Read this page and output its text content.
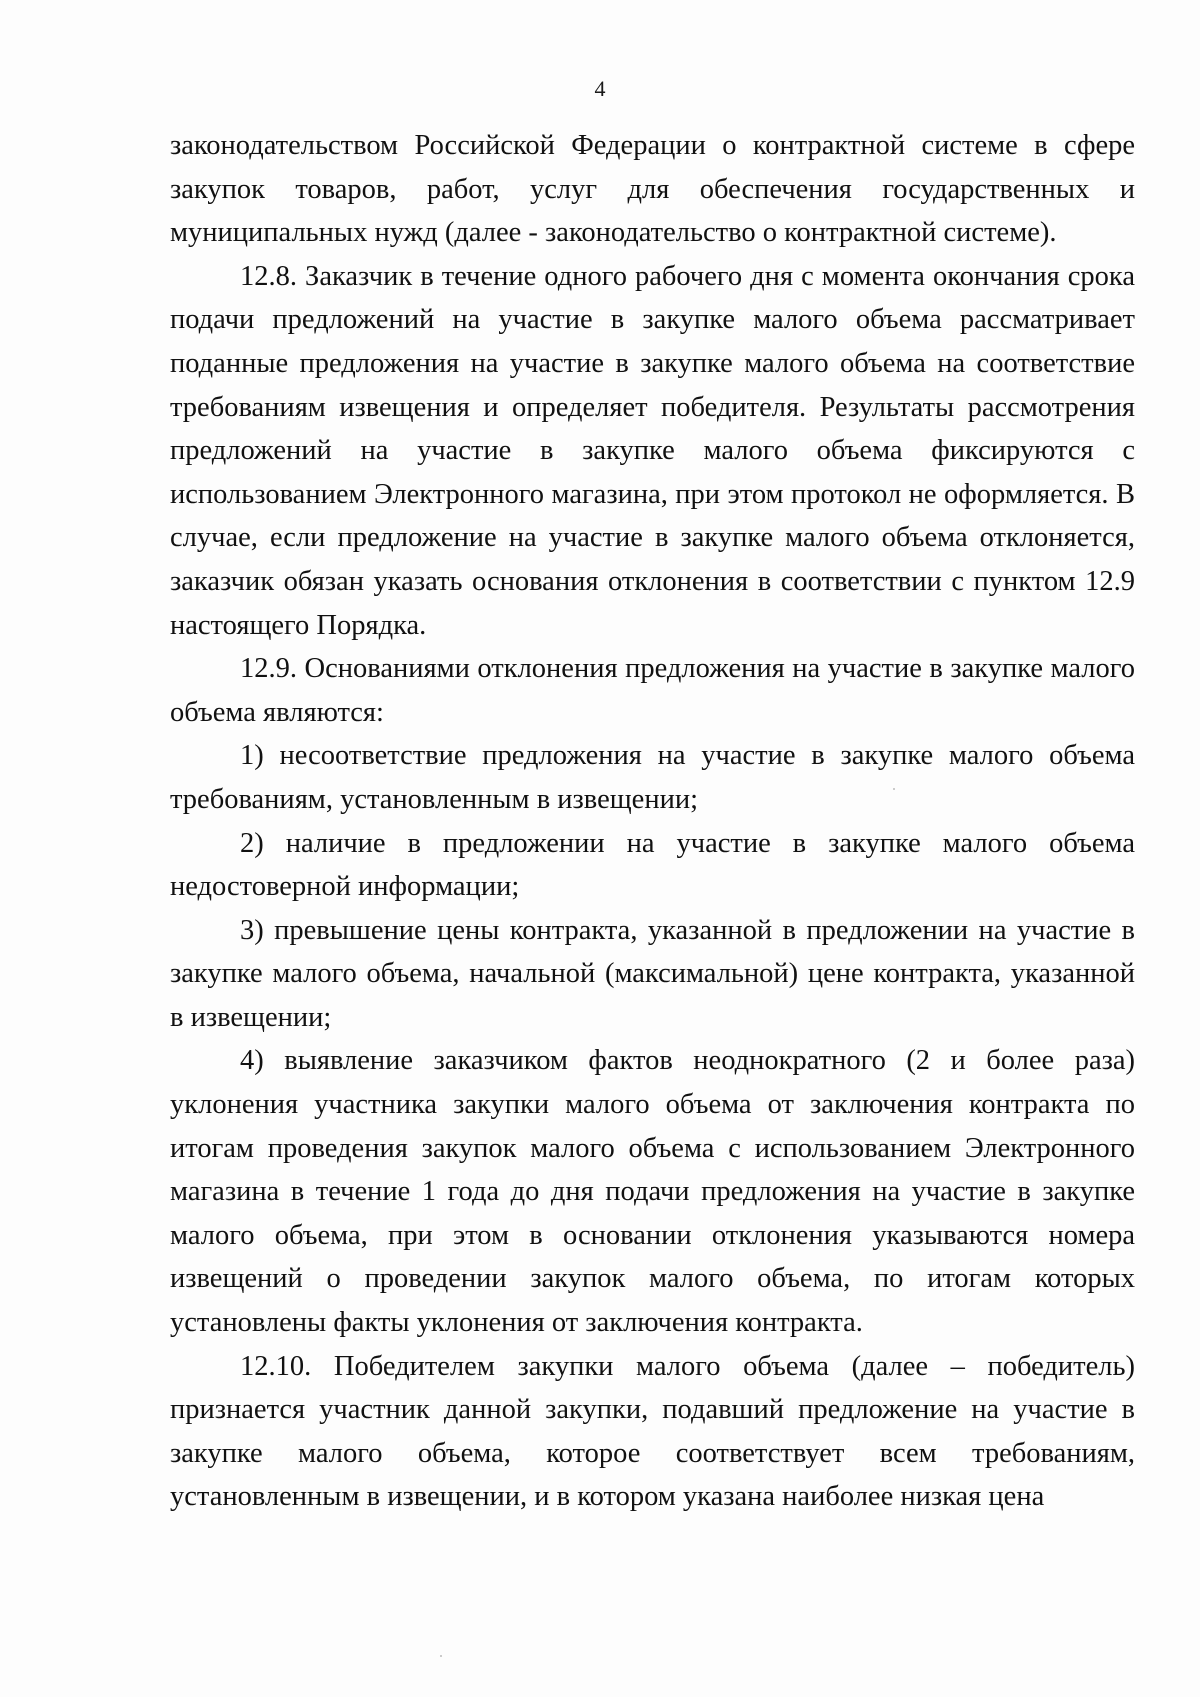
4

законодательством Российской Федерации о контрактной системе в сфере закупок товаров, работ, услуг для обеспечения государственных и муниципальных нужд (далее - законодательство о контрактной системе).

12.8. Заказчик в течение одного рабочего дня с момента окончания срока подачи предложений на участие в закупке малого объема рассматривает поданные предложения на участие в закупке малого объема на соответствие требованиям извещения и определяет победителя. Результаты рассмотрения предложений на участие в закупке малого объема фиксируются с использованием Электронного магазина, при этом протокол не оформляется. В случае, если предложение на участие в закупке малого объема отклоняется, заказчик обязан указать основания отклонения в соответствии с пунктом 12.9 настоящего Порядка.

12.9. Основаниями отклонения предложения на участие в закупке малого объема являются:

1) несоответствие предложения на участие в закупке малого объема требованиям, установленным в извещении;

2) наличие в предложении на участие в закупке малого объема недостоверной информации;

3) превышение цены контракта, указанной в предложении на участие в закупке малого объема, начальной (максимальной) цене контракта, указанной в извещении;

4) выявление заказчиком фактов неоднократного (2 и более раза) уклонения участника закупки малого объема от заключения контракта по итогам проведения закупок малого объема с использованием Электронного магазина в течение 1 года до дня подачи предложения на участие в закупке малого объема, при этом в основании отклонения указываются номера извещений о проведении закупок малого объема, по итогам которых установлены факты уклонения от заключения контракта.

12.10. Победителем закупки малого объема (далее – победитель) признается участник данной закупки, подавший предложение на участие в закупке малого объема, которое соответствует всем требованиям, установленным в извещении, и в котором указана наиболее низкая цена
